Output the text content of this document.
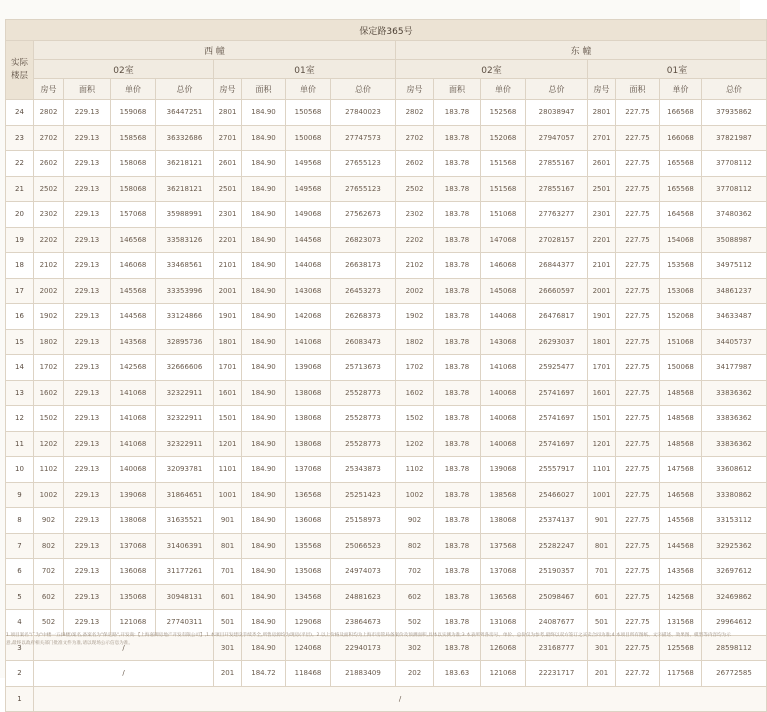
保定路365号																
实际
楼层	西 幢								东 幢							
	02室				01室				02室				01室			
	房号	面积	单价	总价	房号	面积	单价	总价	房号	面积	单价	总价	房号	面积	单价	总价
24	2802	229.13	159068	36447251	2801	184.90	150568	27840023	2802	183.78	152568	28038947	2801	227.75	166568	37935862
23	2702	229.13	158568	36332686	2701	184.90	150068	27747573	2702	183.78	152068	27947057	2701	227.75	166068	37821987
22	2602	229.13	158068	36218121	2601	184.90	149568	27655123	2602	183.78	151568	27855167	2601	227.75	165568	37708112
21	2502	229.13	158068	36218121	2501	184.90	149568	27655123	2502	183.78	151568	27855167	2501	227.75	165568	37708112
20	2302	229.13	157068	35988991	2301	184.90	149068	27562673	2302	183.78	151068	27763277	2301	227.75	164568	37480362
19	2202	229.13	146568	33583126	2201	184.90	144568	26823073	2202	183.78	147068	27028157	2201	227.75	154068	35088987
18	2102	229.13	146068	33468561	2101	184.90	144068	26638173	2102	183.78	146068	26844377	2101	227.75	153568	34975112
17	2002	229.13	145568	33353996	2001	184.90	143068	26453273	2002	183.78	145068	26660597	2001	227.75	153068	34861237
16	1902	229.13	144568	33124866	1901	184.90	142068	26268373	1902	183.78	144068	26476817	1901	227.75	152068	34633487
15	1802	229.13	143568	32895736	1801	184.90	141068	26083473	1802	183.78	143068	26293037	1801	227.75	151068	34405737
14	1702	229.13	142568	32666606	1701	184.90	139068	25713673	1702	183.78	141068	25925477	1701	227.75	150068	34177987
13	1602	229.13	141068	32322911	1601	184.90	138068	25528773	1602	183.78	140068	25741697	1601	227.75	148568	33836362
12	1502	229.13	141068	32322911	1501	184.90	138068	25528773	1502	183.78	140068	25741697	1501	227.75	148568	33836362
11	1202	229.13	141068	32322911	1201	184.90	138068	25528773	1202	183.78	140068	25741697	1201	227.75	148568	33836362
10	1102	229.13	140068	32093781	1101	184.90	137068	25343873	1102	183.78	139068	25557917	1101	227.75	147568	33608612
9	1002	229.13	139068	31864651	1001	184.90	136568	25251423	1002	183.78	138568	25466027	1001	227.75	146568	33380862
8	902	229.13	138068	31635521	901	184.90	136068	25158973	902	183.78	138068	25374137	901	227.75	145568	33153112
7	802	229.13	137068	31406391	801	184.90	135568	25066523	802	183.78	137568	25282247	801	227.75	144568	32925362
6	702	229.13	136068	31177261	701	184.90	135068	24974073	702	183.78	137068	25190357	701	227.75	143568	32697612
5	602	229.13	135068	30948131	601	184.90	134568	24881623	602	183.78	136568	25098467	601	227.75	142568	32469862
4	502	229.13	121068	27740311	501	184.90	129068	23864673	502	183.78	131068	24087677	501	227.75	131568	29964612
3	/				301	184.90	124068	22940173	302	183.78	126068	23168777	301	227.75	125568	28598112
2	/				201	184.72	118468	21883409	202	183.63	121068	22231717	201	227.72	117568	26772585
1	/															
1.项目案名"广为"中楼一五(B楼)案名,备案名为"保定路",开发商:【上海嘉御房地产开发有限公司】,1.本项目开发建设手续齐全,所售房源均为现房(平层)。2.以上价格及面积均为上海市房管局备案价及预测面积,具体以实测为准;3.本表所列各房号、单价、总价仅为参考,最终以双方签订之买卖合同为准;4.本项目所有图纸、文字描述、效果图、模型等内容均为示意,最终以政府相关部门批准文件为准,请以现场公示信息为准。
